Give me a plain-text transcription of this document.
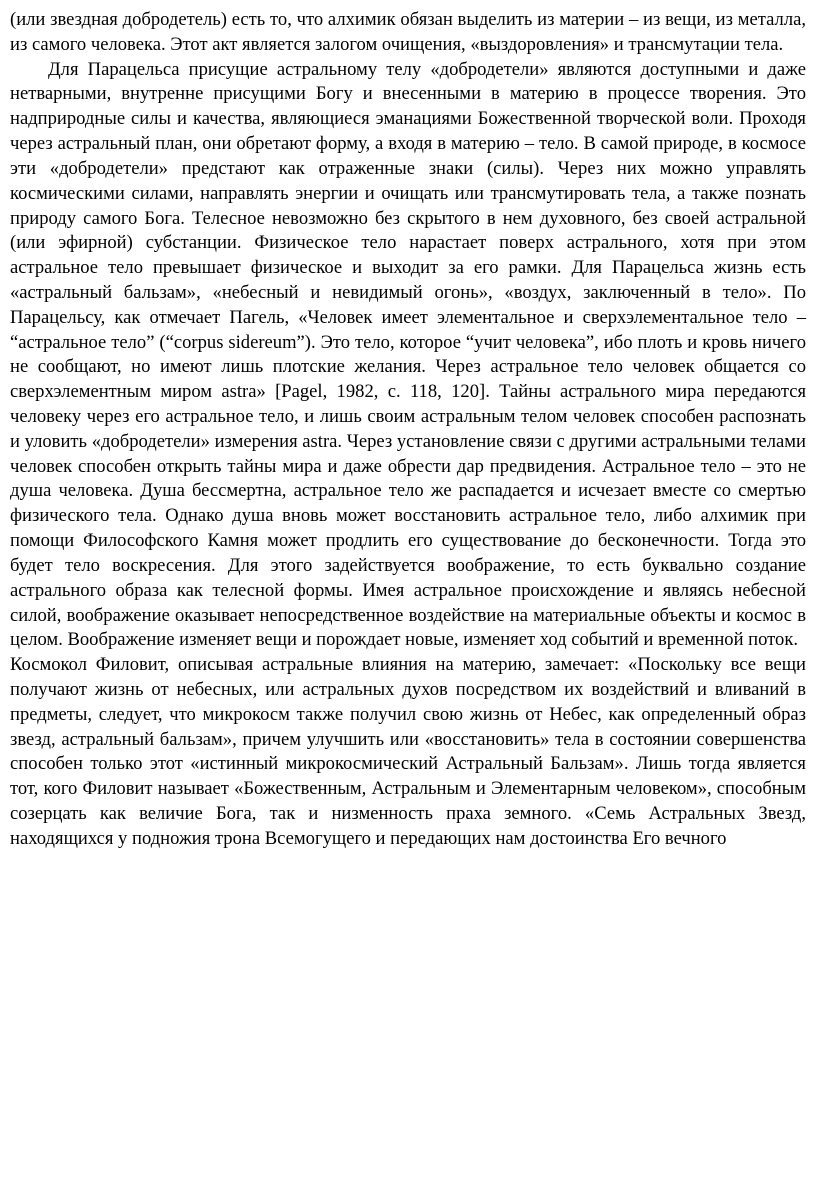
(или звездная добродетель) есть то, что алхимик обязан выделить из материи – из вещи, из металла, из самого человека. Этот акт является залогом очищения, «выздоровления» и трансмутации тела.

Для Парацельса присущие астральному телу «добродетели» являются доступными и даже нетварными, внутренне присущими Богу и внесенными в материю в процессе творения. Это надприродные силы и качества, являющиеся эманациями Божественной творческой воли. Проходя через астральный план, они обретают форму, а входя в материю – тело. В самой природе, в космосе эти «добродетели» предстают как отраженные знаки (силы). Через них можно управлять космическими силами, направлять энергии и очищать или трансмутировать тела, а также познать природу самого Бога. Телесное невозможно без скрытого в нем духовного, без своей астральной (или эфирной) субстанции. Физическое тело нарастает поверх астрального, хотя при этом астральное тело превышает физическое и выходит за его рамки. Для Парацельса жизнь есть «астральный бальзам», «небесный и невидимый огонь», «воздух, заключенный в тело». По Парацельсу, как отмечает Пагель, «Человек имеет элементальное и сверхэлементальное тело – “астральное тело” (“corpus sidereum”). Это тело, которое “учит человека”, ибо плоть и кровь ничего не сообщают, но имеют лишь плотские желания. Через астральное тело человек общается со сверхэлементным миром astra» [Pagel, 1982, c. 118, 120]. Тайны астрального мира передаются человеку через его астральное тело, и лишь своим астральным телом человек способен распознать и уловить «добродетели» измерения astra. Через установление связи с другими астральными телами человек способен открыть тайны мира и даже обрести дар предвидения. Астральное тело – это не душа человека. Душа бессмертна, астральное тело же распадается и исчезает вместе со смертью физического тела. Однако душа вновь может восстановить астральное тело, либо алхимик при помощи Философского Камня может продлить его существование до бесконечности. Тогда это будет тело воскресения. Для этого задействуется воображение, то есть буквально создание астрального образа как телесной формы. Имея астральное происхождение и являясь небесной силой, воображение оказывает непосредственное воздействие на материальные объекты и космос в целом. Воображение изменяет вещи и порождает новые, изменяет ход событий и временной поток.

Космокол Филовит, описывая астральные влияния на материю, замечает: «Поскольку все вещи получают жизнь от небесных, или астральных духов посредством их воздействий и вливаний в предметы, следует, что микрокосм также получил свою жизнь от Небес, как определенный образ звезд, астральный бальзам», причем улучшить или «восстановить» тела в состоянии совершенства способен только этот «истинный микрокосмический Астральный Бальзам». Лишь тогда является тот, кого Филовит называет «Божественным, Астральным и Элементарным человеком», способным созерцать как величие Бога, так и низменность праха земного. «Семь Астральных Звезд, находящихся у подножия трона Всемогущего и передающих нам достоинства Его вечного
